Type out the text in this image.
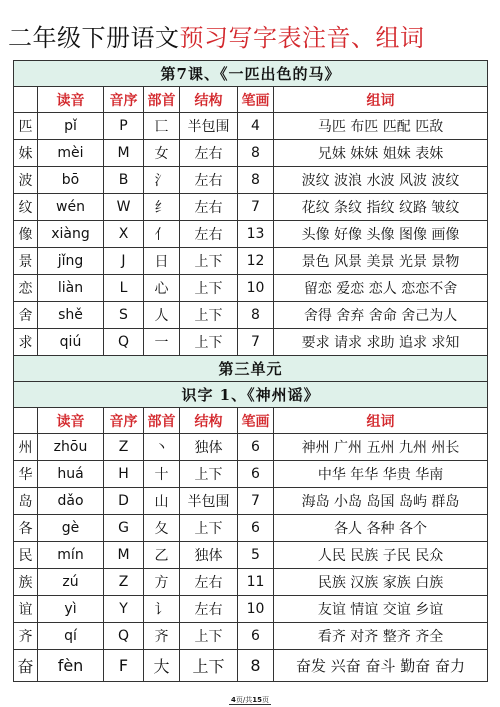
二年级下册语文预习写字表注音、组词
第7课、《一匹出色的马》						
	读音	音序	部首	结构	笔画	组词
匹	pǐ	P	匸	半包围	4	马匹 布匹 匹配 匹敌
妹	mèi	M	女	左右	8	兄妹 妹妹 姐妹 表妹
波	bō	B	氵	左右	8	波纹 波浪 水波 风波 波纹
纹	wén	W	纟	左右	7	花纹 条纹 指纹 纹路 皱纹
像	xiàng	X	亻	左右	13	头像 好像 头像 图像 画像
景	jǐng	J	日	上下	12	景色 风景 美景 光景 景物
恋	liàn	L	心	上下	10	留恋 爱恋 恋人 恋恋不舍
舍	shě	S	人	上下	8	舍得 舍弃 舍命 舍己为人
求	qiú	Q	一	上下	7	要求 请求 求助 追求 求知
第三单元						
识字 1、《神州谣》						
	读音	音序	部首	结构	笔画	组词
州	zhōu	Z	丶	独体	6	神州 广州 五州 九州 州长
华	huá	H	十	上下	6	中华 年华 华贵 华南
岛	dǎo	D	山	半包围	7	海岛 小岛 岛国 岛屿 群岛
各	gè	G	夂	上下	6	各人 各种 各个
民	mín	M	乙	独体	5	人民 民族 子民 民众
族	zú	Z	方	左右	11	民族 汉族 家族 白族
谊	yì	Y	讠	左右	10	友谊 情谊 交谊 乡谊
齐	qí	Q	齐	上下	6	看齐 对齐 整齐 齐全
奋	fèn	F	大	上下	8	奋发 兴奋 奋斗 勤奋 奋力
4页/共15页
